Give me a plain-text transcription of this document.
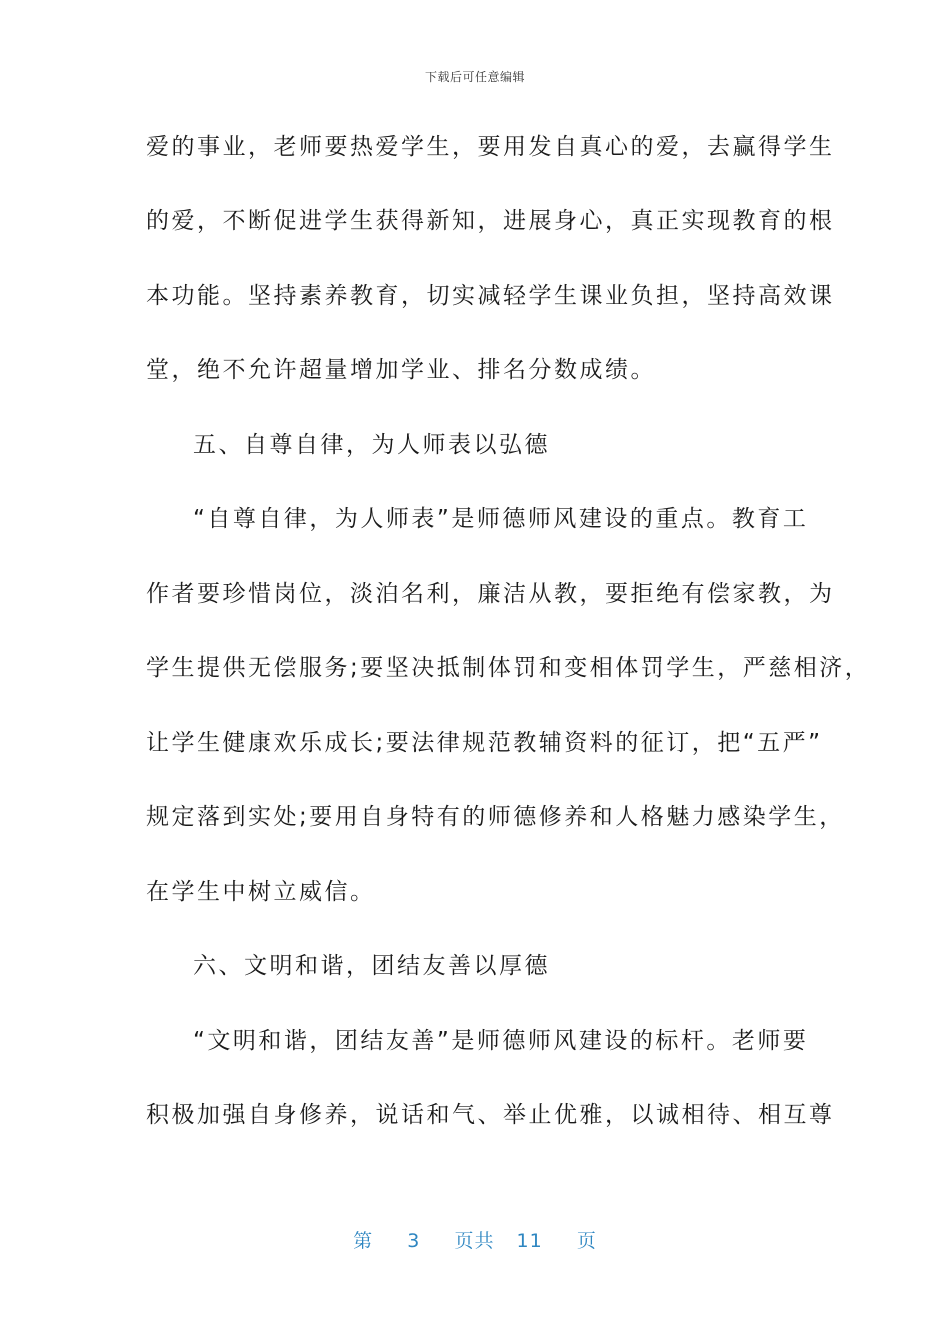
下载后可任意编辑
爱的事业，老师要热爱学生，要用发自真心的爱，去赢得学生
的爱，不断促进学生获得新知，进展身心，真正实现教育的根
本功能。坚持素养教育，切实减轻学生课业负担，坚持高效课
堂，绝不允许超量增加学业、排名分数成绩。
五、自尊自律，为人师表以弘德
“自尊自律，为人师表”是师德师风建设的重点。教育工
作者要珍惜岗位，淡泊名利，廉洁从教，要拒绝有偿家教，为
学生提供无偿服务;要坚决抵制体罚和变相体罚学生，严慈相济，
让学生健康欢乐成长;要法律规范教辅资料的征订，把“五严”
规定落到实处;要用自身特有的师德修养和人格魅力感染学生，
在学生中树立威信。
六、文明和谐，团结友善以厚德
“文明和谐，团结友善”是师德师风建设的标杆。老师要
积极加强自身修养，说话和气、举止优雅，以诚相待、相互尊
第 3 页共 11 页
